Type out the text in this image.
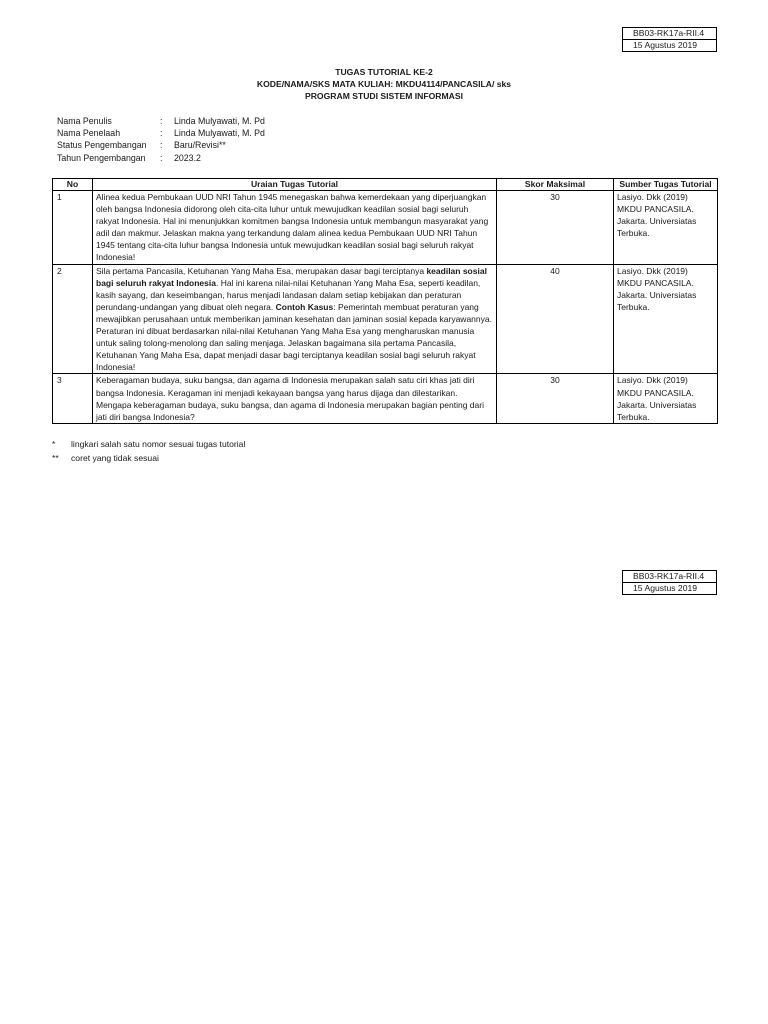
BB03-RK17a-RII.4
15 Agustus 2019
TUGAS TUTORIAL KE-2
KODE/NAMA/SKS MATA KULIAH: MKDU4114/PANCASILA/ sks
PROGRAM STUDI SISTEM INFORMASI
Nama Penulis	:	Linda Mulyawati, M. Pd
Nama Penelaah	:	Linda Mulyawati, M. Pd
Status Pengembangan	:	Baru/Revisi**
Tahun Pengembangan	:	2023.2
No	Uraian Tugas Tutorial	Skor Maksimal	Sumber Tugas Tutorial
1	Alinea kedua Pembukaan UUD NRI Tahun 1945 menegaskan bahwa kemerdekaan yang diperjuangkan oleh bangsa Indonesia didorong oleh cita-cita luhur untuk mewujudkan keadilan sosial bagi seluruh rakyat Indonesia. Hal ini menunjukkan komitmen bangsa Indonesia untuk membangun masyarakat yang adil dan makmur. Jelaskan makna yang terkandung dalam alinea kedua Pembukaan UUD NRI Tahun 1945 tentang cita-cita luhur bangsa Indonesia untuk mewujudkan keadilan sosial bagi seluruh rakyat Indonesia!	30	Lasiyo. Dkk (2019) MKDU PANCASILA. Jakarta. Universiatas Terbuka.
2	Sila pertama Pancasila, Ketuhanan Yang Maha Esa, merupakan dasar bagi terciptanya keadilan sosial bagi seluruh rakyat Indonesia. Hal ini karena nilai-nilai Ketuhanan Yang Maha Esa, seperti keadilan, kasih sayang, dan keseimbangan, harus menjadi landasan dalam setiap kebijakan dan peraturan perundang-undangan yang dibuat oleh negara. Contoh Kasus: Pemerintah membuat peraturan yang mewajibkan perusahaan untuk memberikan jaminan kesehatan dan jaminan sosial kepada karyawannya. Peraturan ini dibuat berdasarkan nilai-nilai Ketuhanan Yang Maha Esa yang mengharuskan manusia untuk saling tolong-menolong dan saling menjaga. Jelaskan bagaimana sila pertama Pancasila, Ketuhanan Yang Maha Esa, dapat menjadi dasar bagi terciptanya keadilan sosial bagi seluruh rakyat Indonesia!	40	Lasiyo. Dkk (2019) MKDU PANCASILA. Jakarta. Universiatas Terbuka.
3	Keberagaman budaya, suku bangsa, dan agama di Indonesia merupakan salah satu ciri khas jati diri bangsa Indonesia. Keragaman ini menjadi kekayaan bangsa yang harus dijaga dan dilestarikan. Mengapa keberagaman budaya, suku bangsa, dan agama di Indonesia merupakan bagian penting dari jati diri bangsa Indonesia?	30	Lasiyo. Dkk (2019) MKDU PANCASILA. Jakarta. Universiatas Terbuka.
*	lingkari salah satu nomor sesuai tugas tutorial
**	coret yang tidak sesuai
BB03-RK17a-RII.4
15 Agustus 2019
